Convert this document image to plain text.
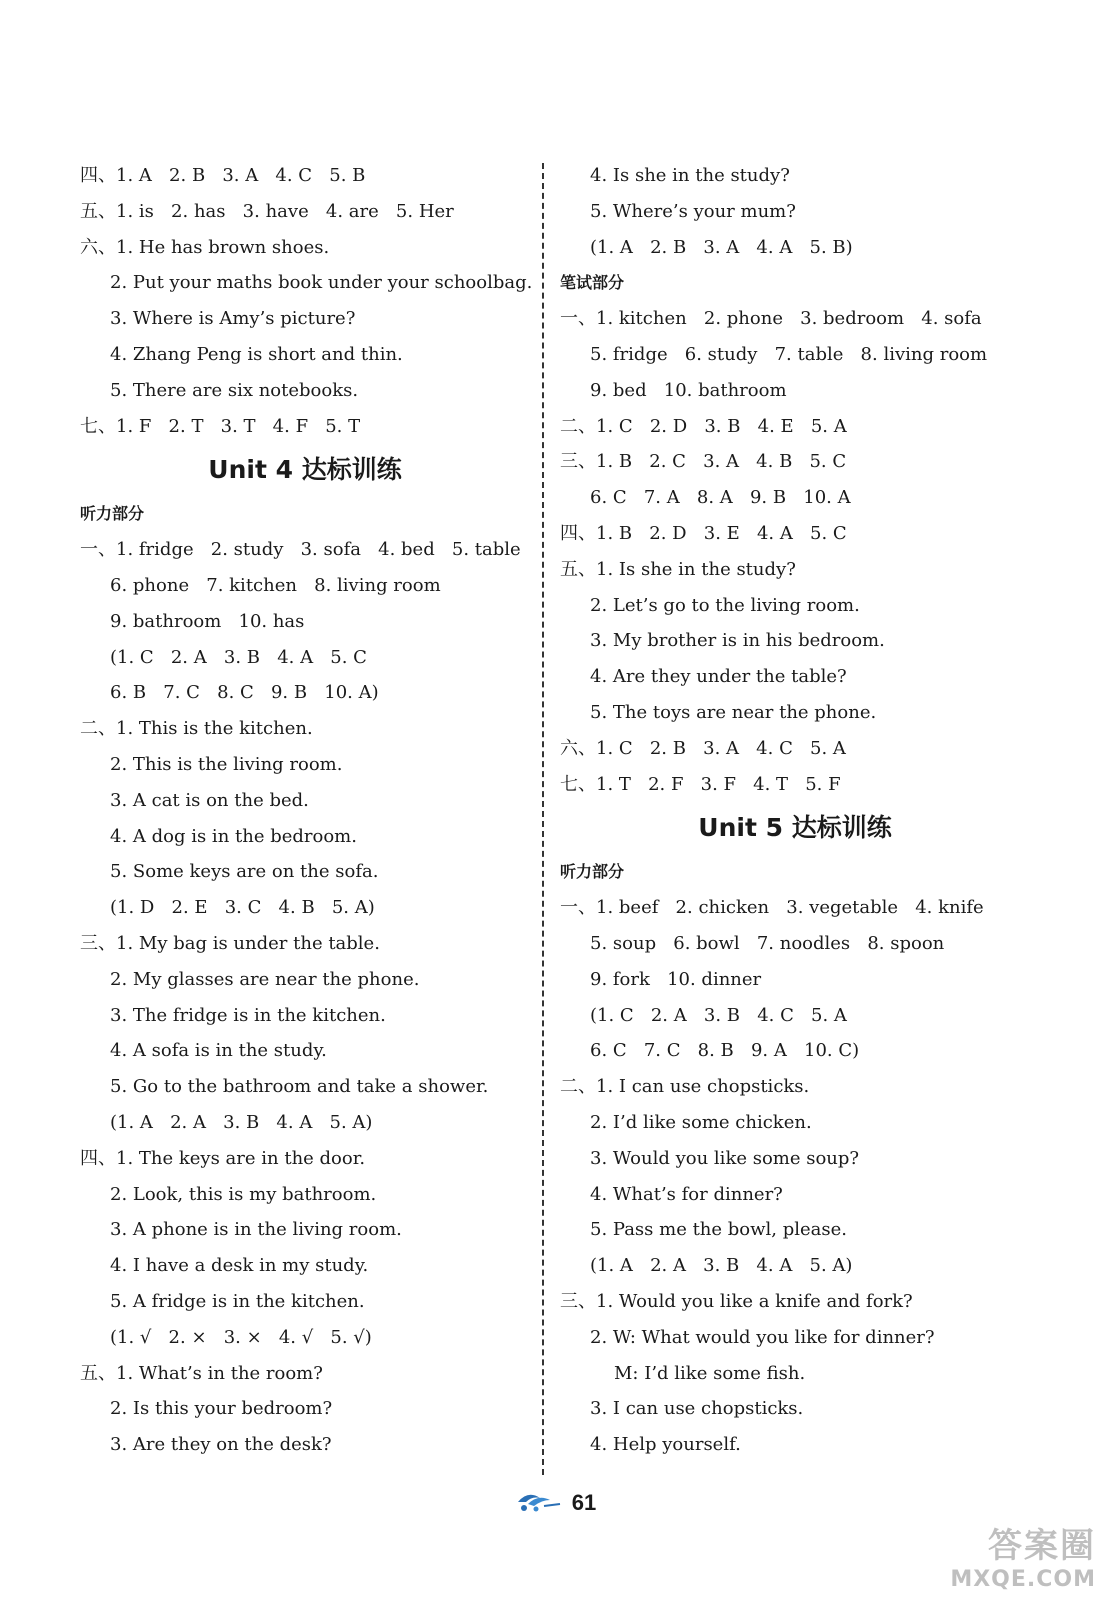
四、1. A   2. B   3. A   4. C   5. B
五、1. is   2. has   3. have   4. are   5. Her
六、1. He has brown shoes.
2. Put your maths book under your schoolbag.
3. Where is Amy’s picture?
4. Zhang Peng is short and thin.
5. There are six notebooks.
七、1. F   2. T   3. T   4. F   5. T
Unit 4 达标训练
听力部分
一、1. fridge   2. study   3. sofa   4. bed   5. table
6. phone   7. kitchen   8. living room
9. bathroom   10. has
(1. C   2. A   3. B   4. A   5. C
6. B   7. C   8. C   9. B   10. A)
二、1. This is the kitchen.
2. This is the living room.
3. A cat is on the bed.
4. A dog is in the bedroom.
5. Some keys are on the sofa.
(1. D   2. E   3. C   4. B   5. A)
三、1. My bag is under the table.
2. My glasses are near the phone.
3. The fridge is in the kitchen.
4. A sofa is in the study.
5. Go to the bathroom and take a shower.
(1. A   2. A   3. B   4. A   5. A)
四、1. The keys are in the door.
2. Look, this is my bathroom.
3. A phone is in the living room.
4. I have a desk in my study.
5. A fridge is in the kitchen.
(1. √   2. ×   3. ×   4. √   5. √)
五、1. What’s in the room?
2. Is this your bedroom?
3. Are they on the desk?
4. Is she in the study?
5. Where’s your mum?
(1. A   2. B   3. A   4. A   5. B)
笔试部分
一、1. kitchen   2. phone   3. bedroom   4. sofa
5. fridge   6. study   7. table   8. living room
9. bed   10. bathroom
二、1. C   2. D   3. B   4. E   5. A
三、1. B   2. C   3. A   4. B   5. C
6. C   7. A   8. A   9. B   10. A
四、1. B   2. D   3. E   4. A   5. C
五、1. Is she in the study?
2. Let’s go to the living room.
3. My brother is in his bedroom.
4. Are they under the table?
5. The toys are near the phone.
六、1. C   2. B   3. A   4. C   5. A
七、1. T   2. F   3. F   4. T   5. F
Unit 5 达标训练
听力部分
一、1. beef   2. chicken   3. vegetable   4. knife
5. soup   6. bowl   7. noodles   8. spoon
9. fork   10. dinner
(1. C   2. A   3. B   4. C   5. A
6. C   7. C   8. B   9. A   10. C)
二、1. I can use chopsticks.
2. I’d like some chicken.
3. Would you like some soup?
4. What’s for dinner?
5. Pass me the bowl, please.
(1. A   2. A   3. B   4. A   5. A)
三、1. Would you like a knife and fork?
2. W: What would you like for dinner?
M: I’d like some fish.
3. I can use chopsticks.
4. Help yourself.
61
答案圈
MXQE.COM
